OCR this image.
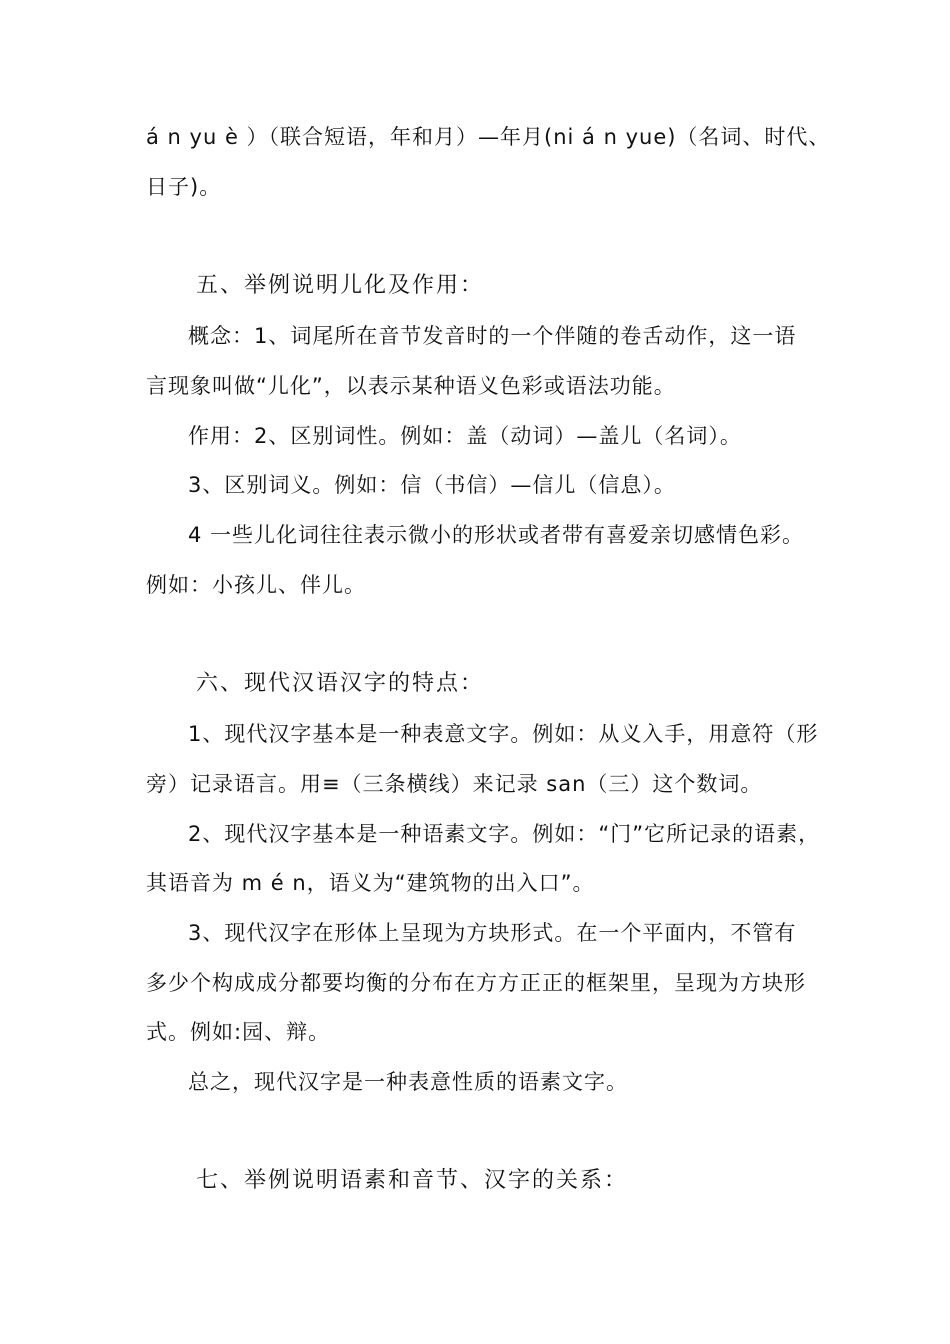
á n yu è ）（联合短语，年和月）—年月(ni á n yue)（名词、时代、
日子)。
五、举例说明儿化及作用：
概念：1、词尾所在音节发音时的一个伴随的卷舌动作，这一语
言现象叫做“儿化”，以表示某种语义色彩或语法功能。
作用：2、区别词性。例如：盖（动词）—盖儿（名词）。
3、区别词义。例如：信（书信）—信儿（信息）。
4 一些儿化词往往表示微小的形状或者带有喜爱亲切感情色彩。
例如：小孩儿、伴儿。
六、现代汉语汉字的特点：
1、现代汉字基本是一种表意文字。例如：从义入手，用意符（形
旁）记录语言。用≡（三条横线）来记录 san（三）这个数词。
2、现代汉字基本是一种语素文字。例如：“门”它所记录的语素，
其语音为 m é n，语义为“建筑物的出入口”。
3、现代汉字在形体上呈现为方块形式。在一个平面内，不管有
多少个构成成分都要均衡的分布在方方正正的框架里，呈现为方块形
式。例如:园、辩。
总之，现代汉字是一种表意性质的语素文字。
七、举例说明语素和音节、汉字的关系：
